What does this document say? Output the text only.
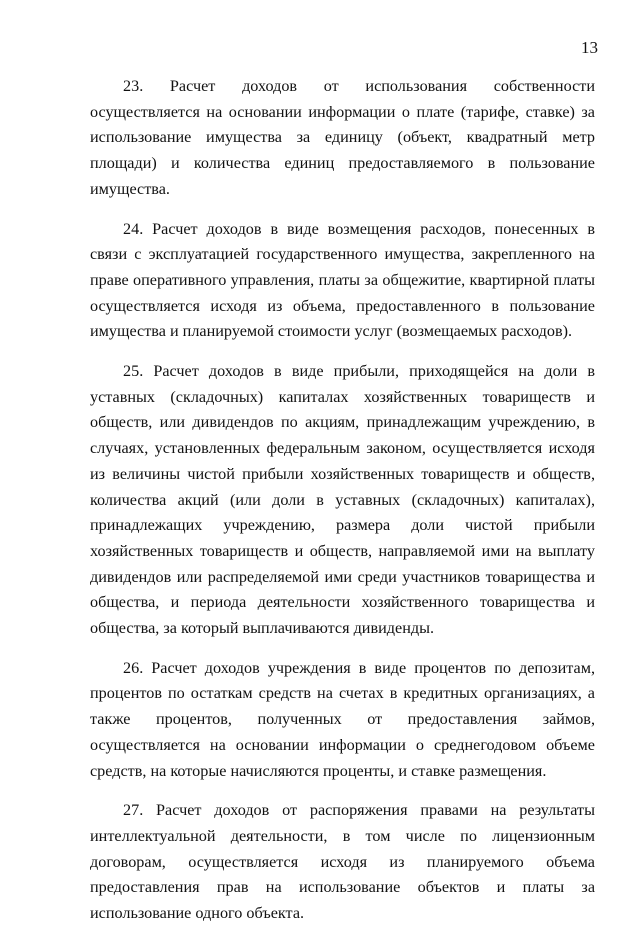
13

23. Расчет доходов от использования собственности осуществляется на основании информации о плате (тарифе, ставке) за использование имущества за единицу (объект, квадратный метр площади) и количества единиц предоставляемого в пользование имущества.

24. Расчет доходов в виде возмещения расходов, понесенных в связи с эксплуатацией государственного имущества, закрепленного на праве оперативного управления, платы за общежитие, квартирной платы осуществляется исходя из объема, предоставленного в пользование имущества и планируемой стоимости услуг (возмещаемых расходов).

25. Расчет доходов в виде прибыли, приходящейся на доли в уставных (складочных) капиталах хозяйственных товариществ и обществ, или дивидендов по акциям, принадлежащим учреждению, в случаях, установленных федеральным законом, осуществляется исходя из величины чистой прибыли хозяйственных товариществ и обществ, количества акций (или доли в уставных (складочных) капиталах), принадлежащих учреждению, размера доли чистой прибыли хозяйственных товариществ и обществ, направляемой ими на выплату дивидендов или распределяемой ими среди участников товарищества и общества, и периода деятельности хозяйственного товарищества и общества, за который выплачиваются дивиденды.

26. Расчет доходов учреждения в виде процентов по депозитам, процентов по остаткам средств на счетах в кредитных организациях, а также процентов, полученных от предоставления займов, осуществляется на основании информации о среднегодовом объеме средств, на которые начисляются проценты, и ставке размещения.

27. Расчет доходов от распоряжения правами на результаты интеллектуальной деятельности, в том числе по лицензионным договорам, осуществляется исходя из планируемого объема предоставления прав на использование объектов и платы за использование одного объекта.
